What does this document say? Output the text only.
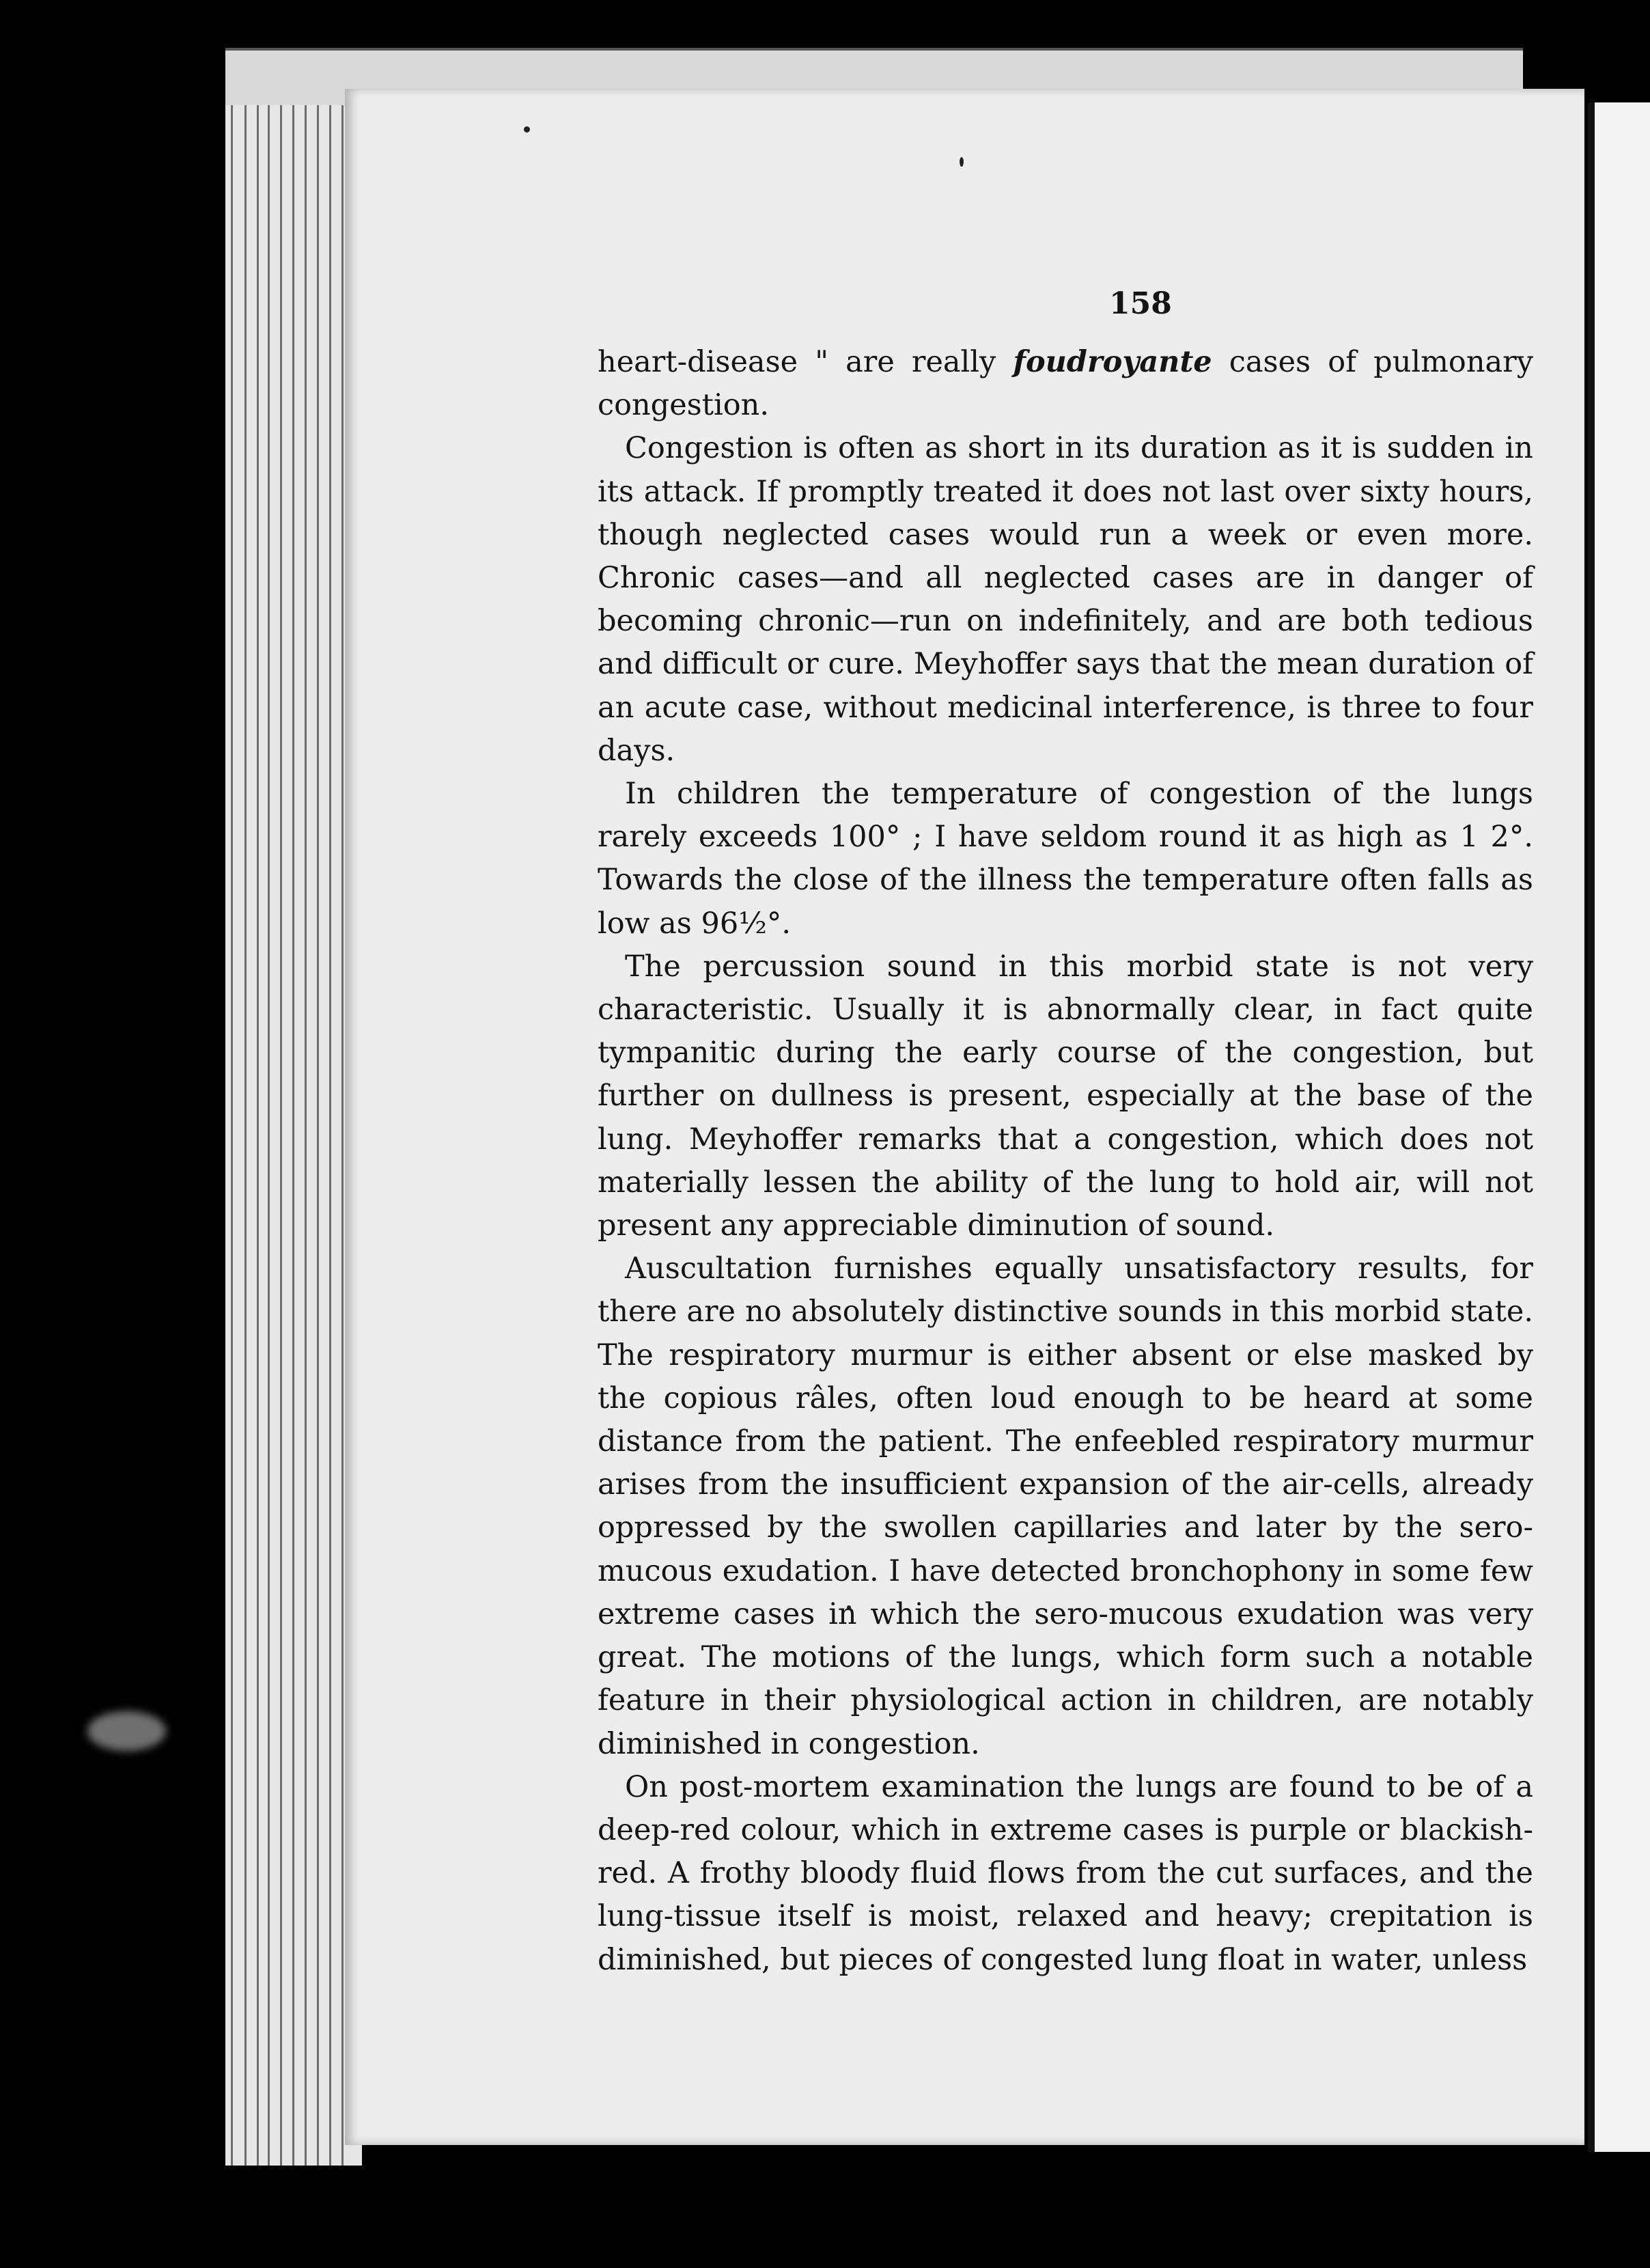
158

heart-disease " are really foudroyante cases of pulmonary congestion.

Congestion is often as short in its duration as it is sudden in its attack. If promptly treated it does not last over sixty hours, though neglected cases would run a week or even more. Chronic cases—and all neglected cases are in danger of becoming chronic—run on indefinitely, and are both tedious and difficult or cure. Meyhoffer says that the mean duration of an acute case, without medicinal interference, is three to four days.

In children the temperature of congestion of the lungs rarely exceeds 100° ; I have seldom round it as high as 1 2°. Towards the close of the illness the temperature often falls as low as 96½°.

The percussion sound in this morbid state is not very characteristic. Usually it is abnormally clear, in fact quite tympanitic during the early course of the congestion, but further on dullness is present, especially at the base of the lung. Meyhoffer remarks that a congestion, which does not materially lessen the ability of the lung to hold air, will not present any appreciable diminution of sound.

Auscultation furnishes equally unsatisfactory results, for there are no absolutely distinctive sounds in this morbid state. The respiratory murmur is either absent or else masked by the copious râles, often loud enough to be heard at some distance from the patient. The enfeebled respiratory murmur arises from the insufficient expansion of the air-cells, already oppressed by the swollen capillaries and later by the sero-mucous exudation. I have detected bronchophony in some few extreme cases in which the sero-mucous exudation was very great. The motions of the lungs, which form such a notable feature in their physiological action in children, are notably diminished in congestion.

On post-mortem examination the lungs are found to be of a deep-red colour, which in extreme cases is purple or blackish-red. A frothy bloody fluid flows from the cut surfaces, and the lung-tissue itself is moist, relaxed and heavy; crepitation is diminished, but pieces of congested lung float in water, unless
